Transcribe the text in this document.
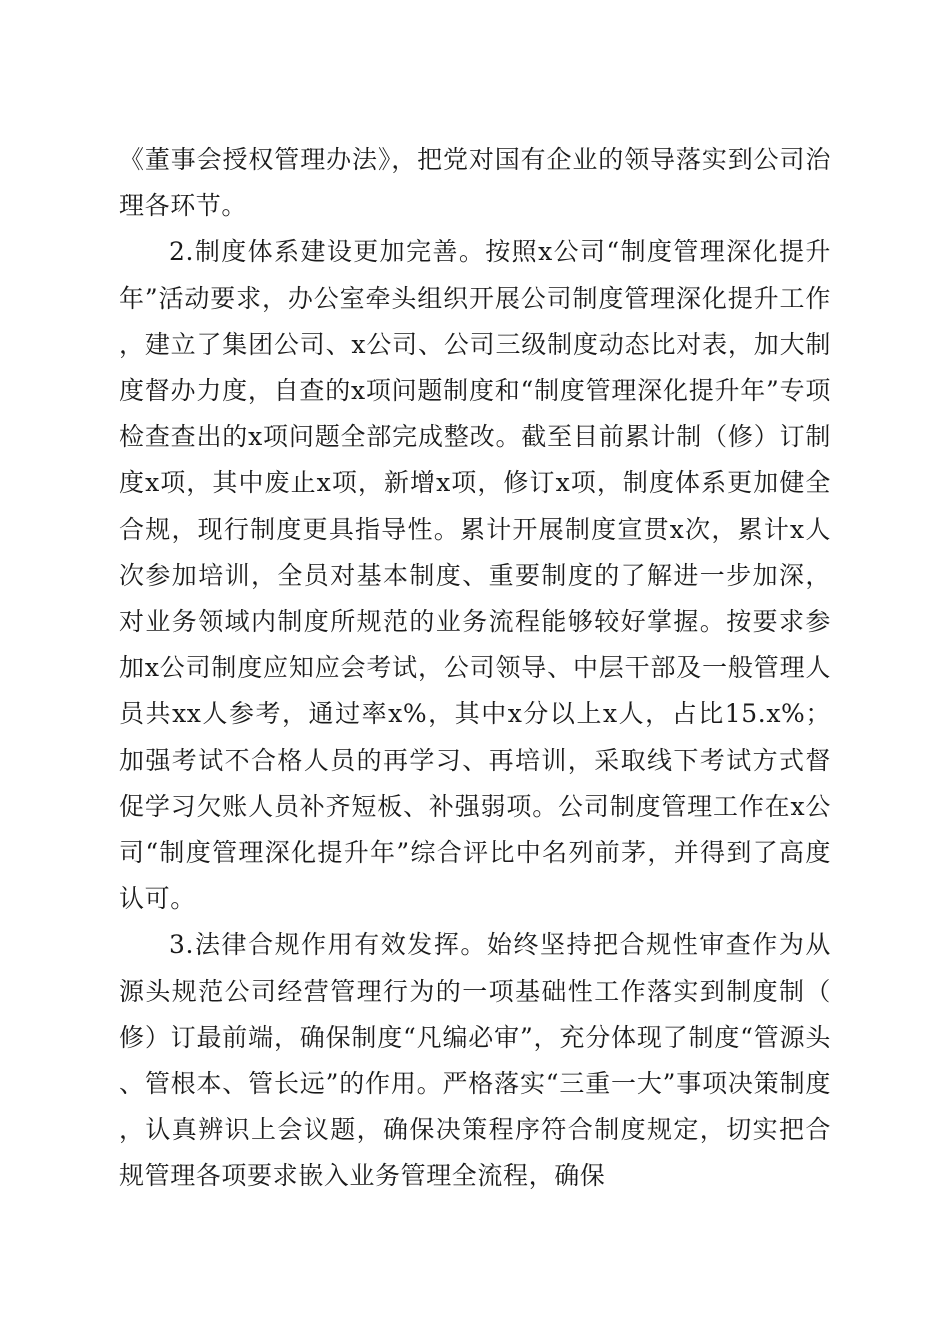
《董事会授权管理办法》，把党对国有企业的领导落实到公司治理各环节。

2.制度体系建设更加完善。按照x公司“制度管理深化提升年”活动要求，办公室牵头组织开展公司制度管理深化提升工作，建立了集团公司、x公司、公司三级制度动态比对表，加大制度督办力度，自查的x项问题制度和“制度管理深化提升年”专项检查查出的x项问题全部完成整改。截至目前累计制（修）订制度x项，其中废止x项，新增x项，修订x项，制度体系更加健全合规，现行制度更具指导性。累计开展制度宣贯x次，累计x人次参加培训，全员对基本制度、重要制度的了解进一步加深，对业务领域内制度所规范的业务流程能够较好掌握。按要求参加x公司制度应知应会考试，公司领导、中层干部及一般管理人员共xx人参考，通过率x%，其中x分以上x人，占比15.x%；加强考试不合格人员的再学习、再培训，采取线下考试方式督促学习欠账人员补齐短板、补强弱项。公司制度管理工作在x公司“制度管理深化提升年”综合评比中名列前茅，并得到了高度认可。

3.法律合规作用有效发挥。始终坚持把合规性审查作为从源头规范公司经营管理行为的一项基础性工作落实到制度制（修）订最前端，确保制度“凡编必审”，充分体现了制度“管源头、管根本、管长远”的作用。严格落实“三重一大”事项决策制度，认真辨识上会议题，确保决策程序符合制度规定，切实把合规管理各项要求嵌入业务管理全流程，确保
